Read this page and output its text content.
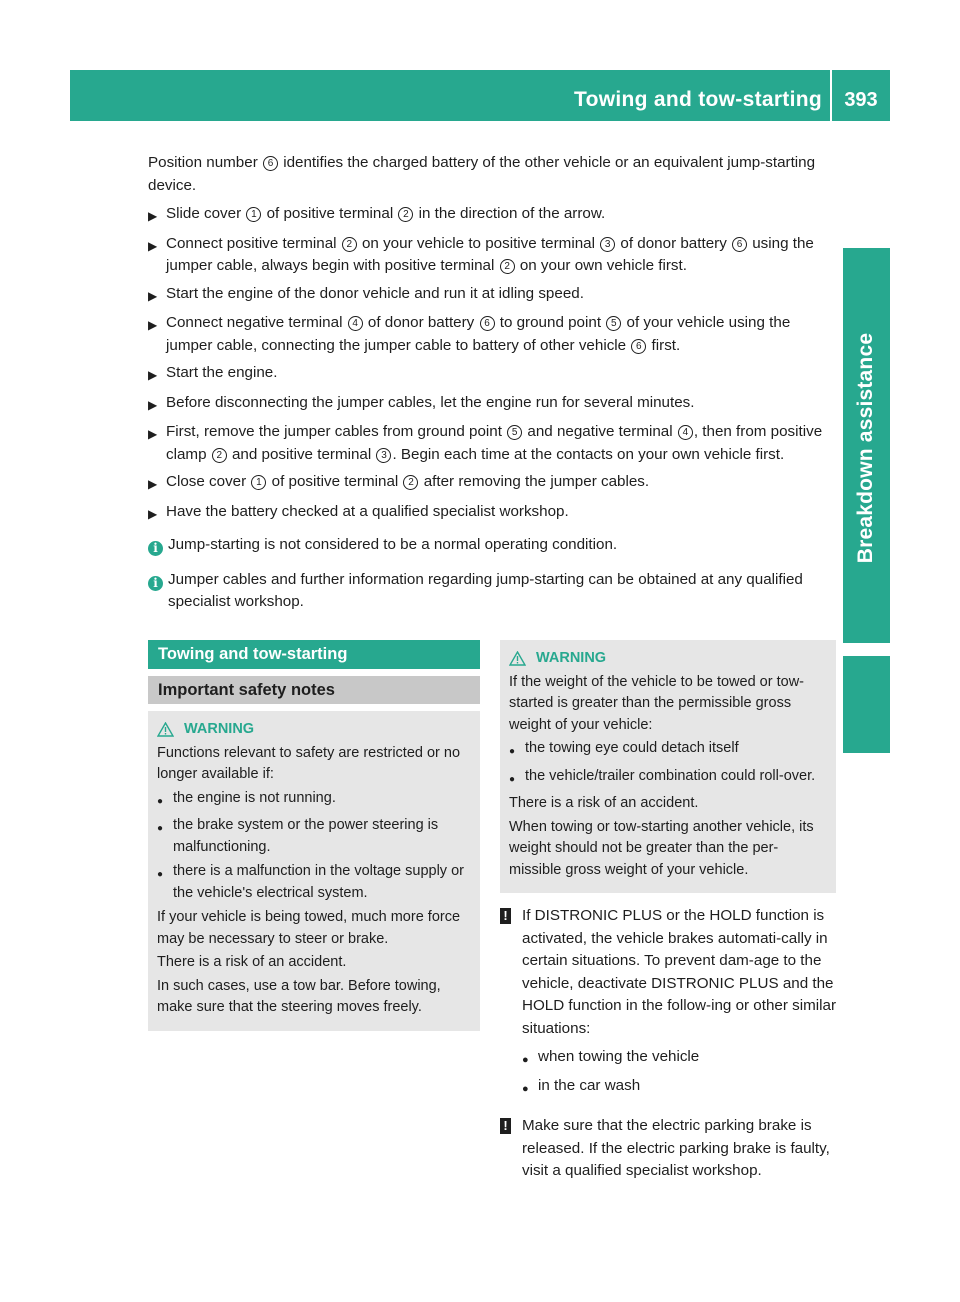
Towing and tow-starting	393
Breakdown assistance

Position number 6 identifies the charged battery of the other vehicle or an equivalent jump-starting device.

▶ Slide cover 1 of positive terminal 2 in the direction of the arrow.
▶ Connect positive terminal 2 on your vehicle to positive terminal 3 of donor battery 6 using the jumper cable, always begin with positive terminal 2 on your own vehicle first.
▶ Start the engine of the donor vehicle and run it at idling speed.
▶ Connect negative terminal 4 of donor battery 6 to ground point 5 of your vehicle using the jumper cable, connecting the jumper cable to battery of other vehicle 6 first.
▶ Start the engine.
▶ Before disconnecting the jumper cables, let the engine run for several minutes.
▶ First, remove the jumper cables from ground point 5 and negative terminal 4 , then from positive clamp 2 and positive terminal 3 . Begin each time at the contacts on your own vehicle first.
▶ Close cover 1 of positive terminal 2 after removing the jumper cables.
▶ Have the battery checked at a qualified specialist workshop.
i Jump-starting is not considered to be a normal operating condition.
i Jumper cables and further information regarding jump-starting can be obtained at any qualified specialist workshop.
Towing and tow-starting
Important safety notes
WARNING

Functions relevant to safety are restricted or no longer available if:

● the engine is not running.
● the brake system or the power steering is malfunctioning.
● there is a malfunction in the voltage supply or the vehicle's electrical system.

If your vehicle is being towed, much more force may be necessary to steer or brake.

There is a risk of an accident.

In such cases, use a tow bar. Before towing, make sure that the steering moves freely.

WARNING

If the weight of the vehicle to be towed or tow-started is greater than the permissible gross weight of your vehicle:

● the towing eye could detach itself
● the vehicle/trailer combination could roll-over.

There is a risk of an accident.

When towing or tow-starting another vehicle, its weight should not be greater than the per-missible gross weight of your vehicle.

! If DISTRONIC PLUS or the HOLD function is activated, the vehicle brakes automati-cally in certain situations. To prevent dam-age to the vehicle, deactivate DISTRONIC PLUS and the HOLD function in the follow-ing or other similar situations:

● when towing the vehicle
● in the car wash
! Make sure that the electric parking brake is released. If the electric parking brake is faulty, visit a qualified specialist workshop.
